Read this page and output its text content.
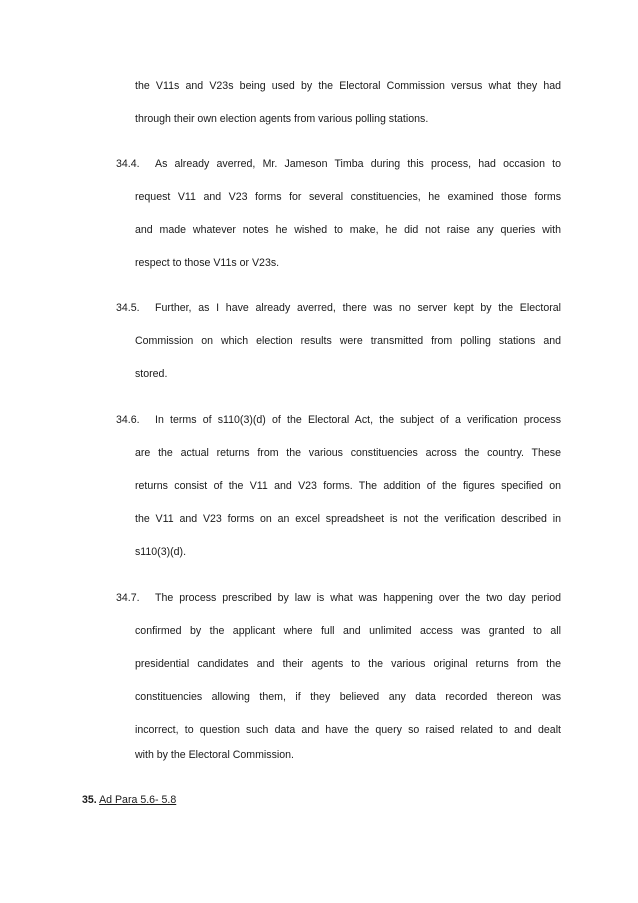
the V11s and V23s being used by the Electoral Commission versus what they had
through their own election agents from various polling stations.
34.4. As already averred, Mr. Jameson Timba during this process, had occasion to
request V11 and V23 forms for several constituencies, he examined those forms
and made whatever notes he wished to make, he did not raise any queries with
respect to those V11s or V23s.
34.5. Further, as I have already averred, there was no server kept by the Electoral
Commission on which election results were transmitted from polling stations and
stored.
34.6. In terms of s110(3)(d) of the Electoral Act, the subject of a verification process
are the actual returns from the various constituencies across the country. These
returns consist of the V11 and V23 forms. The addition of the figures specified on
the V11 and V23 forms on an excel spreadsheet is not the verification described in
s110(3)(d).
34.7. The process prescribed by law is what was happening over the two day period
confirmed by the applicant where full and unlimited access was granted to all
presidential candidates and their agents to the various original returns from the
constituencies allowing them, if they believed any data recorded thereon was
incorrect, to question such data and have the query so raised related to and dealt
with by the Electoral Commission.
35. Ad Para 5.6- 5.8
